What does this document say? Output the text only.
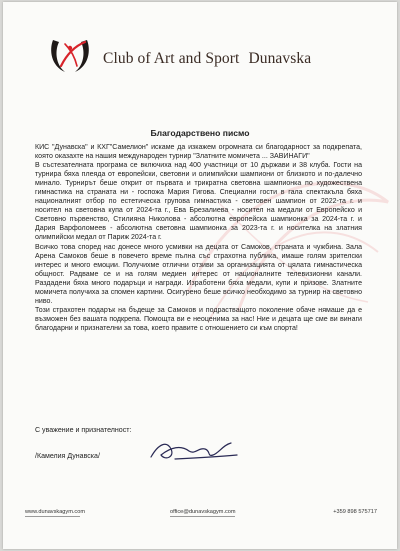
Club of Art and Sport Dunavska
Благодарствено писмо

КИС "Дунавска" и КХГ"Самелион" искаме да изкажем огромната си благодарност за подкрепата, която оказахте на нашия международен турнир "Златните момичета ... ЗАВИНАГИ"

В състезателната програма се включиха над 400 участници от 10 държави и 38 клуба. Гости на турнира бяха плеяда от европейски, световни и олимпийски шампиони от близкото и по-далечно минало. Турнирът беше открит от първата и трикратна световна шампионка по художествена гимнастика на страната ни - госпожа Мария Гигова. Специални гости в гала спектакъла бяха националният отбор по естетическа групова гимнастика - световен шампион от 2022-та г. и носител на световна купа от 2024-та г., Ева Брезалиева - носител на медали от Европейско и Световно първенство, Стилияна Николова - абсолютна европейска шампионка за 2024-та г. и Дария Варфоломеев - абсолютна световна шампионка за 2023-та г. и носителка на златния олимпийски медал от Париж 2024-та г.

Всичко това според нас донесе много усмивки на децата от Самоков, страната и чужбина. Зала Арена Самоков беше в повечето време пълна със страхотна публика, имаше голям зрителски интерес и много емоции. Получихме отлични отзиви за организацията от цялата гимнастическа общност. Радваме се и на голям медиен интерес от националните телевизионни канали. Раздадени бяха много подаръци и награди. Изработени бяха медали, купи и призове. Златните момичета получиха за спомен картини. Осигурено беше всичко необходимо за турнир на световно ниво.

Този страхотен подарък на бъдеще за Самоков и подрастващото поколение обаче нямаше да е възможен без вашата подкрепа. Помощта ви е неоценима за нас! Ние и децата ще сме ви винаги благодарни и признателни за това, което правите с отношението си към спорта!

С уважение и признателност:
/Камелия Дунавска/
www.dunavskagym.com	office@dunavskagym.com	+359 898 575717
